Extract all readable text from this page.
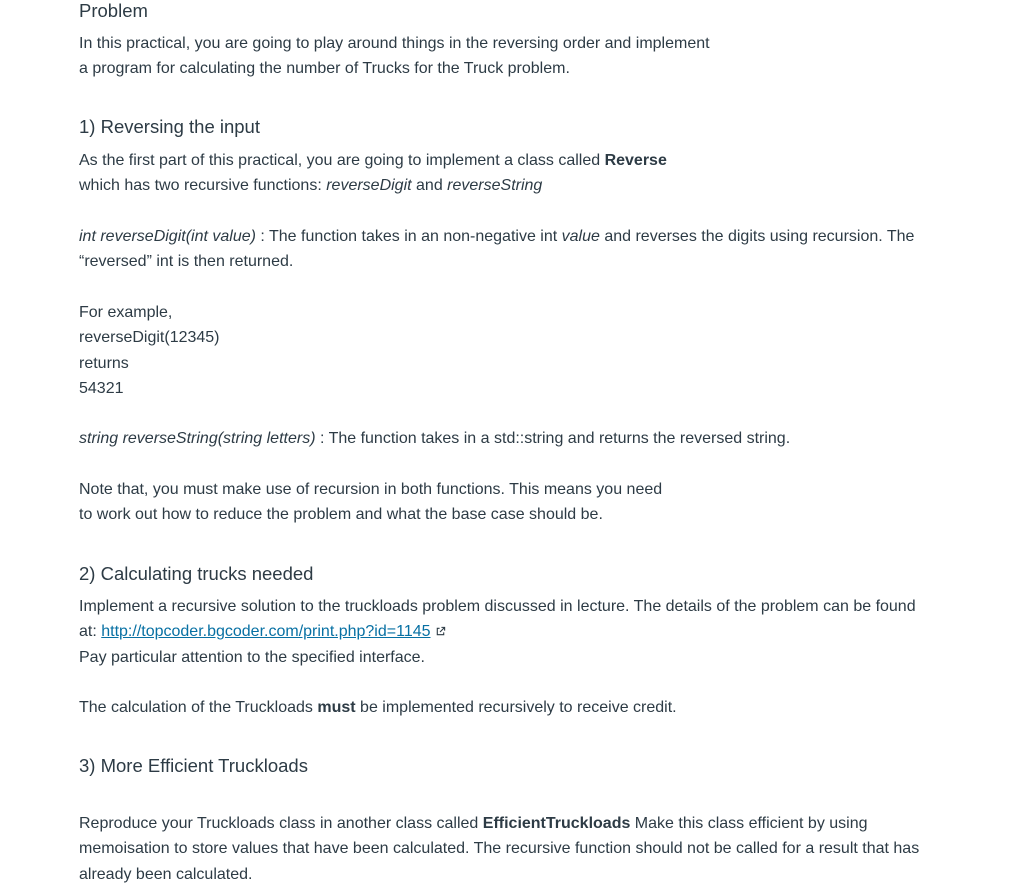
Problem

In this practical, you are going to play around things in the reversing order and implement
a program for calculating the number of Trucks for the Truck problem.

1) Reversing the input

As the first part of this practical, you are going to implement a class called Reverse
which has two recursive functions: reverseDigit and reverseString

int reverseDigit(int value) : The function takes in an non-negative int value and reverses the digits using recursion. The
“reversed” int is then returned.

For example,
reverseDigit(12345)
returns
54321

string reverseString(string letters) : The function takes in a std::string and returns the reversed string.

Note that, you must make use of recursion in both functions. This means you need
to work out how to reduce the problem and what the base case should be.

2) Calculating trucks needed

Implement a recursive solution to the truckloads problem discussed in lecture. The details of the problem can be found
at: http://topcoder.bgcoder.com/print.php?id=1145
Pay particular attention to the specified interface.

The calculation of the Truckloads must be implemented recursively to receive credit.

3) More Efficient Truckloads

Reproduce your Truckloads class in another class called EfficientTruckloads Make this class efficient by using
memoisation to store values that have been calculated. The recursive function should not be called for a result that has
already been calculated.
